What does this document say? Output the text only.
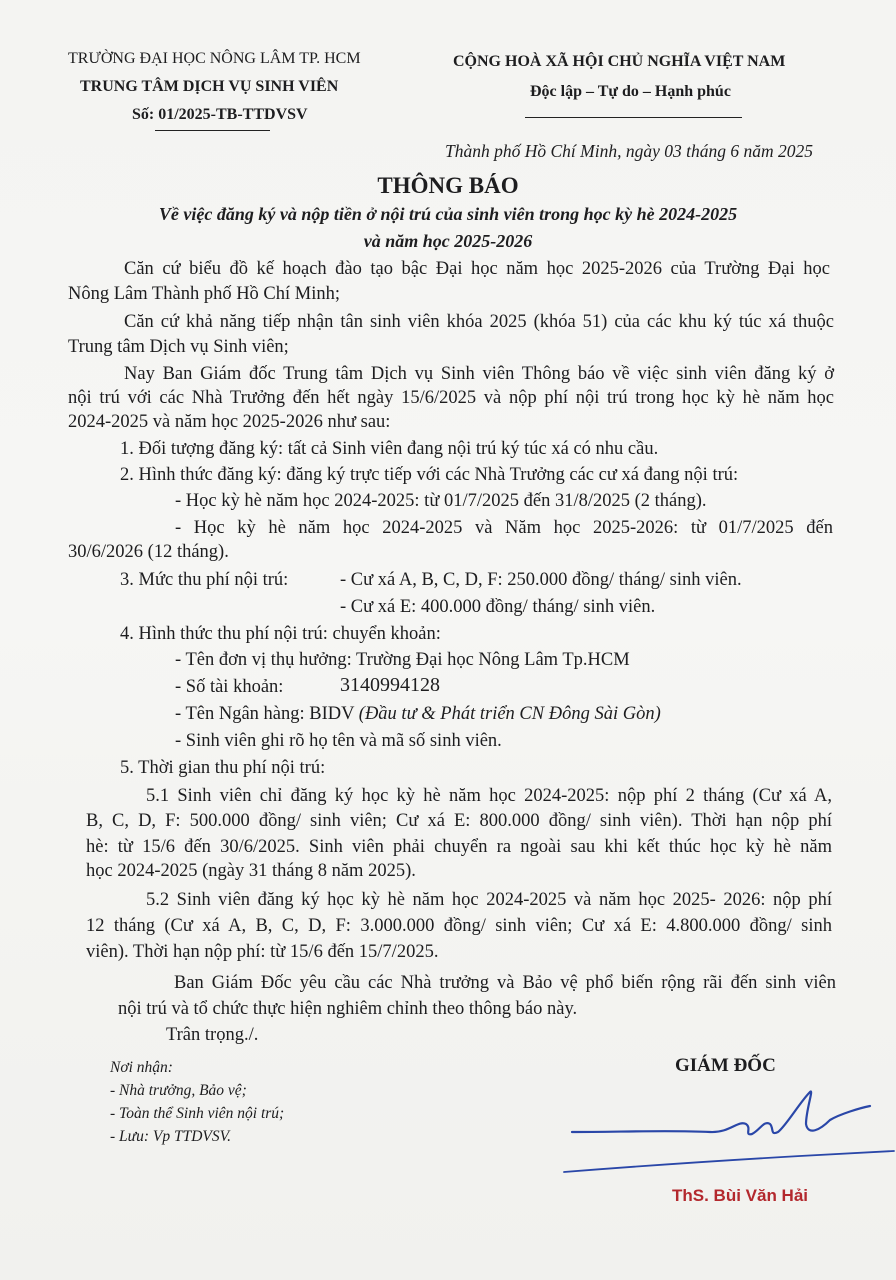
TRƯỜNG ĐẠI HỌC NÔNG LÂM TP. HCM
TRUNG TÂM DỊCH VỤ SINH VIÊN
Số: 01/2025-TB-TTDVSV
CỘNG HOÀ XÃ HỘI CHỦ NGHĨA VIỆT NAM
Độc lập – Tự do – Hạnh phúc
Thành phố Hồ Chí Minh, ngày 03 tháng 6 năm 2025
THÔNG BÁO
Về việc đăng ký và nộp tiền ở nội trú của sinh viên trong học kỳ hè 2024-2025
và năm học 2025-2026
Căn cứ biểu đồ kế hoạch đào tạo bậc Đại học năm học 2025-2026 của Trường Đại học
Nông Lâm Thành phố Hồ Chí Minh;
Căn cứ khả năng tiếp nhận tân sinh viên khóa 2025 (khóa 51) của các khu ký túc xá thuộc
Trung tâm Dịch vụ Sinh viên;
Nay Ban Giám đốc Trung tâm Dịch vụ Sinh viên Thông báo về việc sinh viên đăng ký ở
nội trú với các Nhà Trưởng đến hết ngày 15/6/2025 và nộp phí nội trú trong học kỳ hè năm học
2024-2025 và năm học 2025-2026 như sau:
1. Đối tượng đăng ký: tất cả Sinh viên đang nội trú ký túc xá có nhu cầu.
2. Hình thức đăng ký: đăng ký trực tiếp với các Nhà Trưởng các cư xá đang nội trú:
- Học kỳ hè năm học 2024-2025: từ 01/7/2025 đến 31/8/2025 (2 tháng).
- Học kỳ hè năm học 2024-2025 và Năm học 2025-2026: từ 01/7/2025 đến
30/6/2026 (12 tháng).
3. Mức thu phí nội trú:	- Cư xá A, B, C, D, F: 250.000 đồng/ tháng/ sinh viên.
- Cư xá E: 400.000 đồng/ tháng/ sinh viên.
4. Hình thức thu phí nội trú: chuyển khoản:
- Tên đơn vị thụ hưởng: Trường Đại học Nông Lâm Tp.HCM
- Số tài khoản:	3140994128
- Tên Ngân hàng: BIDV (Đầu tư & Phát triển CN Đông Sài Gòn)
- Sinh viên ghi rõ họ tên và mã số sinh viên.
5. Thời gian thu phí nội trú:
5.1 Sinh viên chỉ đăng ký học kỳ hè năm học 2024-2025: nộp phí 2 tháng (Cư xá A,
B, C, D, F: 500.000 đồng/ sinh viên; Cư xá E: 800.000 đồng/ sinh viên). Thời hạn nộp phí
hè: từ 15/6 đến 30/6/2025. Sinh viên phải chuyển ra ngoài sau khi kết thúc học kỳ hè năm
học 2024-2025 (ngày 31 tháng 8 năm 2025).
5.2 Sinh viên đăng ký học kỳ hè năm học 2024-2025 và năm học 2025- 2026: nộp phí
12 tháng (Cư xá A, B, C, D, F: 3.000.000 đồng/ sinh viên; Cư xá E: 4.800.000 đồng/ sinh
viên). Thời hạn nộp phí: từ 15/6 đến 15/7/2025.
Ban Giám Đốc yêu cầu các Nhà trưởng và Bảo vệ phổ biến rộng rãi đến sinh viên
nội trú và tổ chức thực hiện nghiêm chỉnh theo thông báo này.
Trân trọng./.
Nơi nhận:
- Nhà trưởng, Bảo vệ;
- Toàn thể Sinh viên nội trú;
- Lưu: Vp TTDVSV.
GIÁM ĐỐC
ThS. Bùi Văn Hải
